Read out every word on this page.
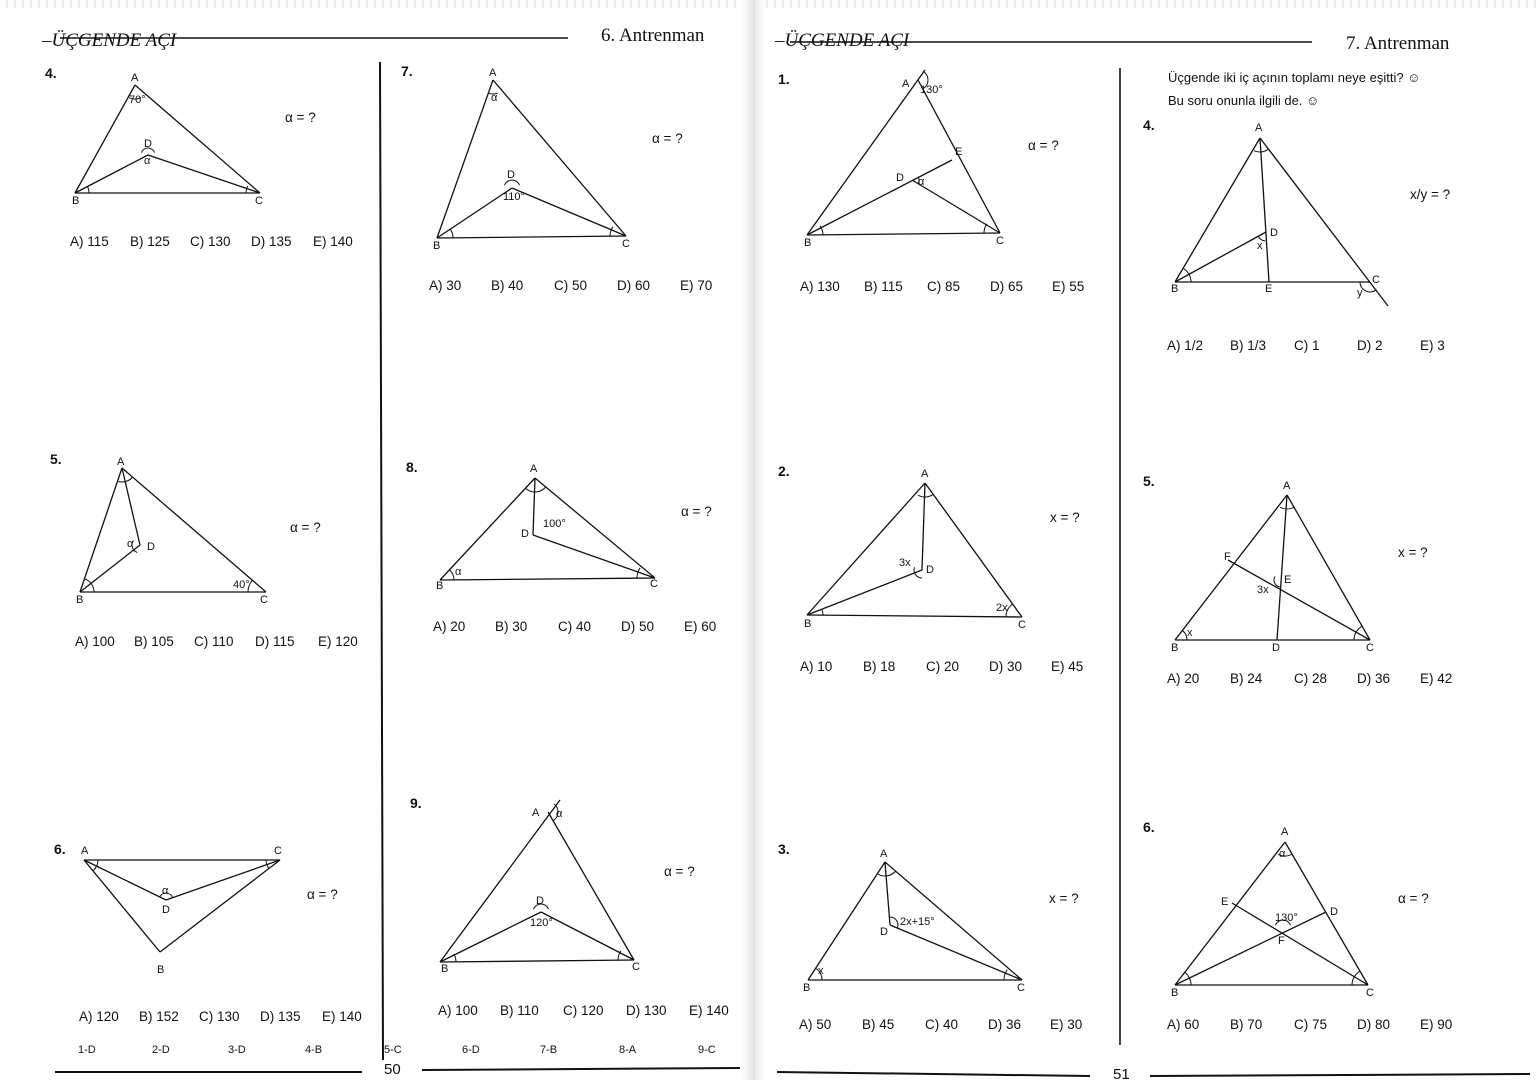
–ÜÇGENDE AÇI	6. Antrenman	–ÜÇGENDE AÇI	7. Antrenman
Üçgende iki iç açının toplamı neye eşitti? ☺
Bu soru onunla ilgili de. ☺
50	51
4.
α = ?
A) 115 B) 125 C) 130 D) 135 E) 140
A
70°
D
α
B	C
5.
α = ?
A) 100 B) 105 C) 110 D) 115 E) 120
A
α D
B	C
40°
6.
α = ?
A) 120 B) 152 C) 130 D) 135 E) 140
A	C
α
D
B
7.
α = ?
A) 30 B) 40 C) 50 D) 60 E) 70
A
α
D
110°
B	C
8.
α = ?
A) 20 B) 30 C) 40 D) 50 E) 60
A
100°
D
B	C
α
9.
α = ?
A) 100 B) 110 C) 120 D) 130 E) 140
A α
D
120°
B	C
1.
α = ?
A) 130 B) 115 C) 85 D) 65 E) 55
A 130°
E
D α
B	C
2.
x = ?
A) 10 B) 18 C) 20 D) 30 E) 45
A
3x
D
2x
B	C
3.
x = ?
A) 50 B) 45 C) 40 D) 36 E) 30
A
D
2x+15°
x
B	C
4.
x/y = ?
A) 1/2 B) 1/3 C) 1	D) 2	E) 3
A
D
x
B	E
C
y
5.
x = ?
A) 20 B) 24 C) 28 D) 36 E) 42
A
F
E
3x
x
B	D	C
6.
α = ?
A) 60 B) 70 C) 75 D) 80 E) 90
A
α
E
D
130°
F
B	C
1-D	2-D	3-D	4-B	5-C	6-D	7-B	8-A	9-C
